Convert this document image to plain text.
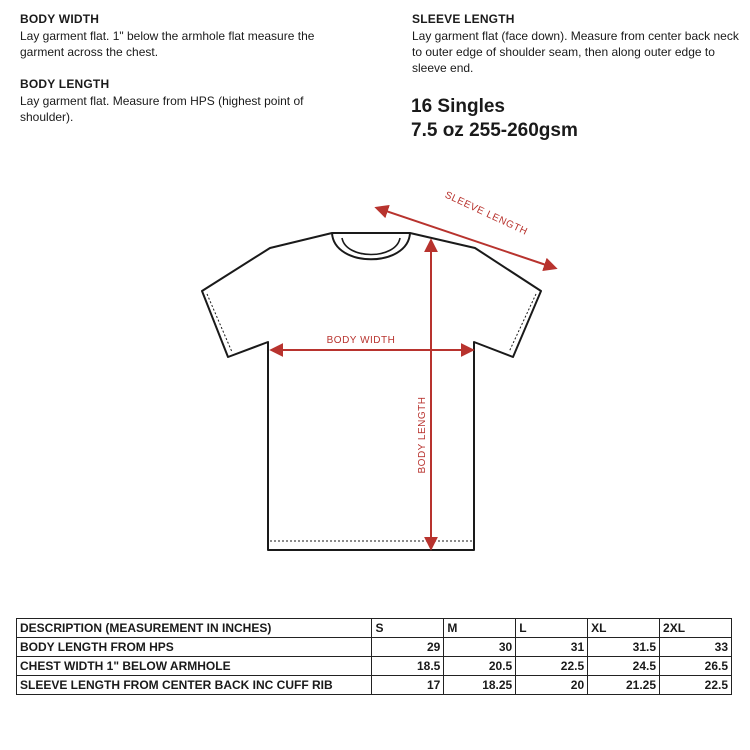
BODY WIDTH

Lay garment flat. 1" below the armhole flat measure the garment across the chest.

BODY LENGTH

Lay garment flat. Measure from HPS (highest point of shoulder).

SLEEVE LENGTH

Lay garment flat (face down). Measure from center back neck to outer edge of shoulder seam, then along outer edge to sleeve end.

16 Singles

7.5 oz 255-260gsm

BODY WIDTH
BODY LENGTH
SLEEVE LENGTH
DESCRIPTION (MEASUREMENT IN INCHES)	S	M	L	XL	2XL
BODY LENGTH FROM HPS	29	30	31	31.5	33
CHEST WIDTH 1" BELOW ARMHOLE	18.5	20.5	22.5	24.5	26.5
SLEEVE LENGTH FROM CENTER BACK INC CUFF RIB	17	18.25	20	21.25	22.5
